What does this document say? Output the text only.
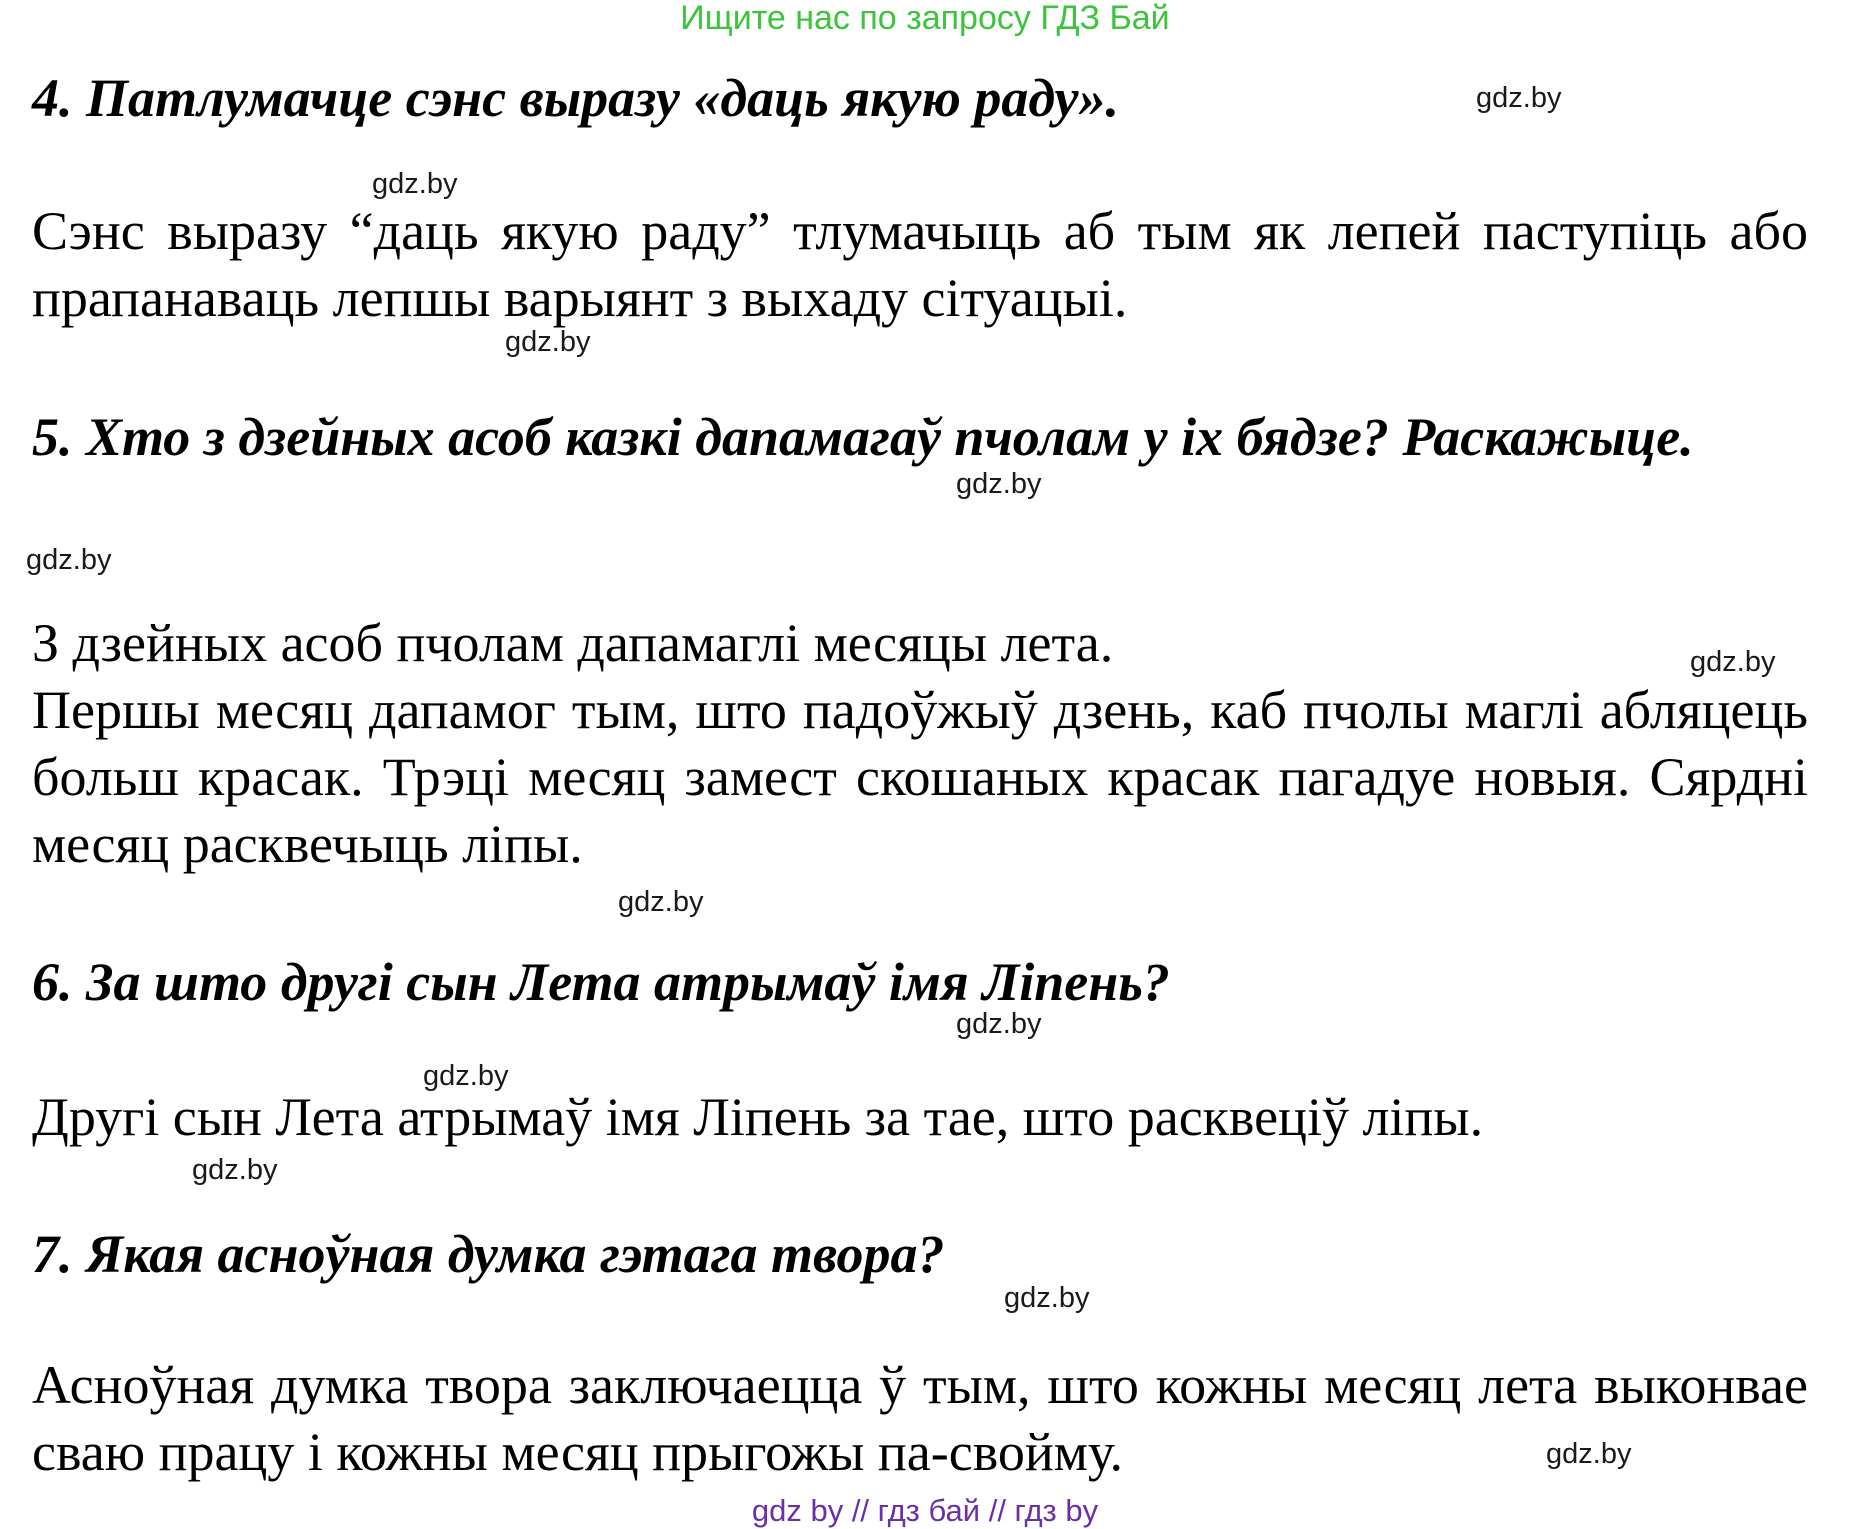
Ищите нас по запросу ГДЗ Бай
4. Патлумачце сэнс выразу «даць якую раду».	gdz.by
gdz.by

Сэнс выразу “даць якую раду” тлумачыць аб тым як лепей паступіць або прапанаваць лепшы варыянт з выхаду сітуацыі.

gdz.by
5. Хто з дзейных асоб казкі дапамагаў пчолам у іх бядзе? Раскажыце.
gdz.by
gdz.by

З дзейных асоб пчолам дапамаглі месяцы лета.

Першы месяц дапамог тым, што падоўжыў дзень, каб пчолы маглі абляцець больш красак. Трэці месяц замест скошаных красак пагадуе новыя. Сярдні месяц расквечыць ліпы.

gdz.by
gdz.by
6. За што другі сын Лета атрымаў імя Ліпень?
gdz.by
gdz.by

Другі сын Лета атрымаў імя Ліпень за тае, што расквеціў ліпы.

gdz.by
7. Якая асноўная думка гэтага твора?
gdz.by

Асноўная думка твора заключаецца ў тым, што кожны месяц лета выконвае сваю працу і кожны месяц прыгожы па-свойму.	gdz.by
gdz by // гдз бай // гдз by
